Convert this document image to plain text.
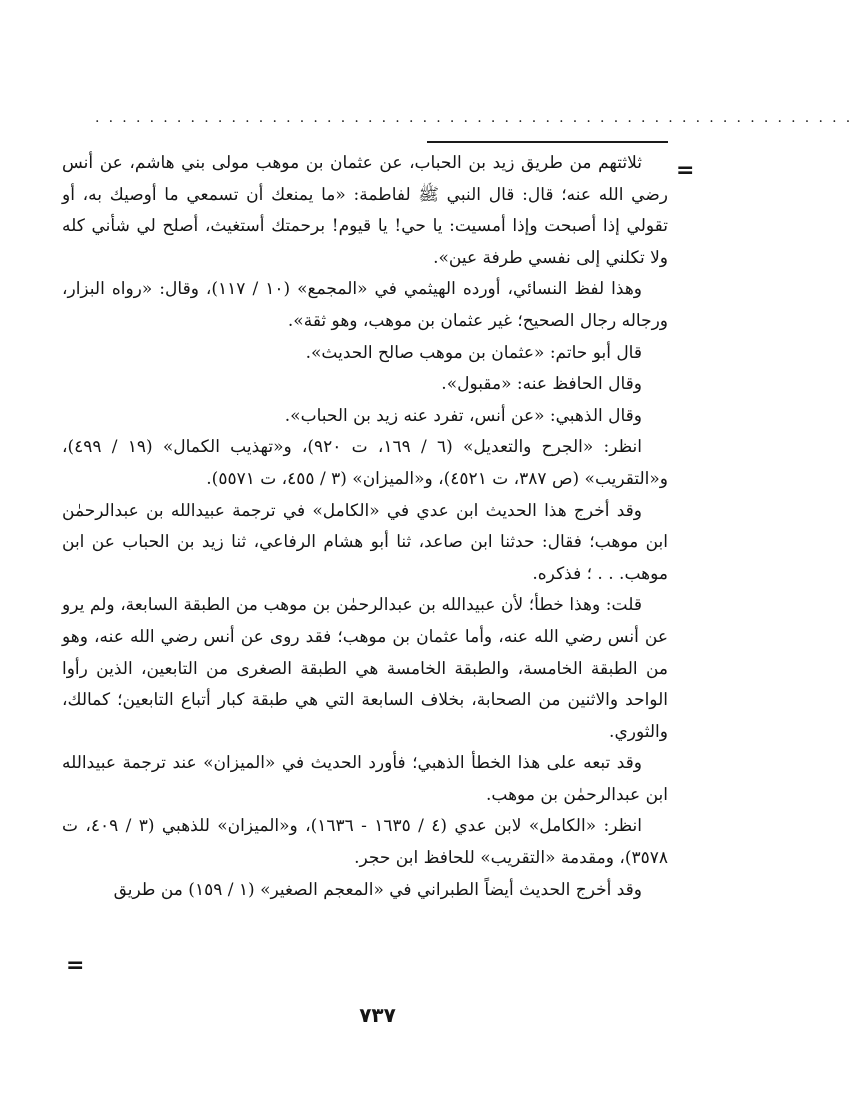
........................................................
=

ثلاثتهم من طريق زيد بن الحباب، عن عثمان بن موهب مولى بني هاشم، عن أنس رضي الله عنه؛ قال: قال النبي ﷺ لفاطمة: «ما يمنعك أن تسمعي ما أوصيك به، أو تقولي إذا أصبحت وإذا أمسيت: يا حي! يا قيوم! برحمتك أستغيث، أصلح لي شأني كله ولا تكلني إلى نفسي طرفة عين».

وهذا لفظ النسائي، أورده الهيثمي في «المجمع» (١٠ / ١١٧)، وقال: «رواه البزار، ورجاله رجال الصحيح؛ غير عثمان بن موهب، وهو ثقة».

قال أبو حاتم: «عثمان بن موهب صالح الحديث».

وقال الحافظ عنه: «مقبول».

وقال الذهبي: «عن أنس، تفرد عنه زيد بن الحباب».

انظر: «الجرح والتعديل» (٦ / ١٦٩، ت ٩٢٠)، و«تهذيب الكمال» (١٩ / ٤٩٩)، و«التقريب» (ص ٣٨٧، ت ٤٥٢١)، و«الميزان» (٣ / ٤٥٥، ت ٥٥٧١).

وقد أخرج هذا الحديث ابن عدي في «الكامل» في ترجمة عبيدالله بن عبدالرحمٰن ابن موهب؛ فقال: حدثنا ابن صاعد، ثنا أبو هشام الرفاعي، ثنا زيد بن الحباب عن ابن موهب. . . ؛ فذكره.

قلت: وهذا خطأ؛ لأن عبيدالله بن عبدالرحمٰن بن موهب من الطبقة السابعة، ولم يرو عن أنس رضي الله عنه، وأما عثمان بن موهب؛ فقد روى عن أنس رضي الله عنه، وهو من الطبقة الخامسة، والطبقة الخامسة هي الطبقة الصغرى من التابعين، الذين رأوا الواحد والاثنين من الصحابة، بخلاف السابعة التي هي طبقة كبار أتباع التابعين؛ كمالك، والثوري.

وقد تبعه على هذا الخطأ الذهبي؛ فأورد الحديث في «الميزان» عند ترجمة عبيدالله ابن عبدالرحمٰن بن موهب.

انظر: «الكامل» لابن عدي (٤ / ١٦٣٥ - ١٦٣٦)، و«الميزان» للذهبي (٣ / ٤٠٩، ت ٣٥٧٨)، ومقدمة «التقريب» للحافظ ابن حجر.

وقد أخرج الحديث أيضاً الطبراني في «المعجم الصغير» (١ / ١٥٩) من طريق

=
٧٣٧
